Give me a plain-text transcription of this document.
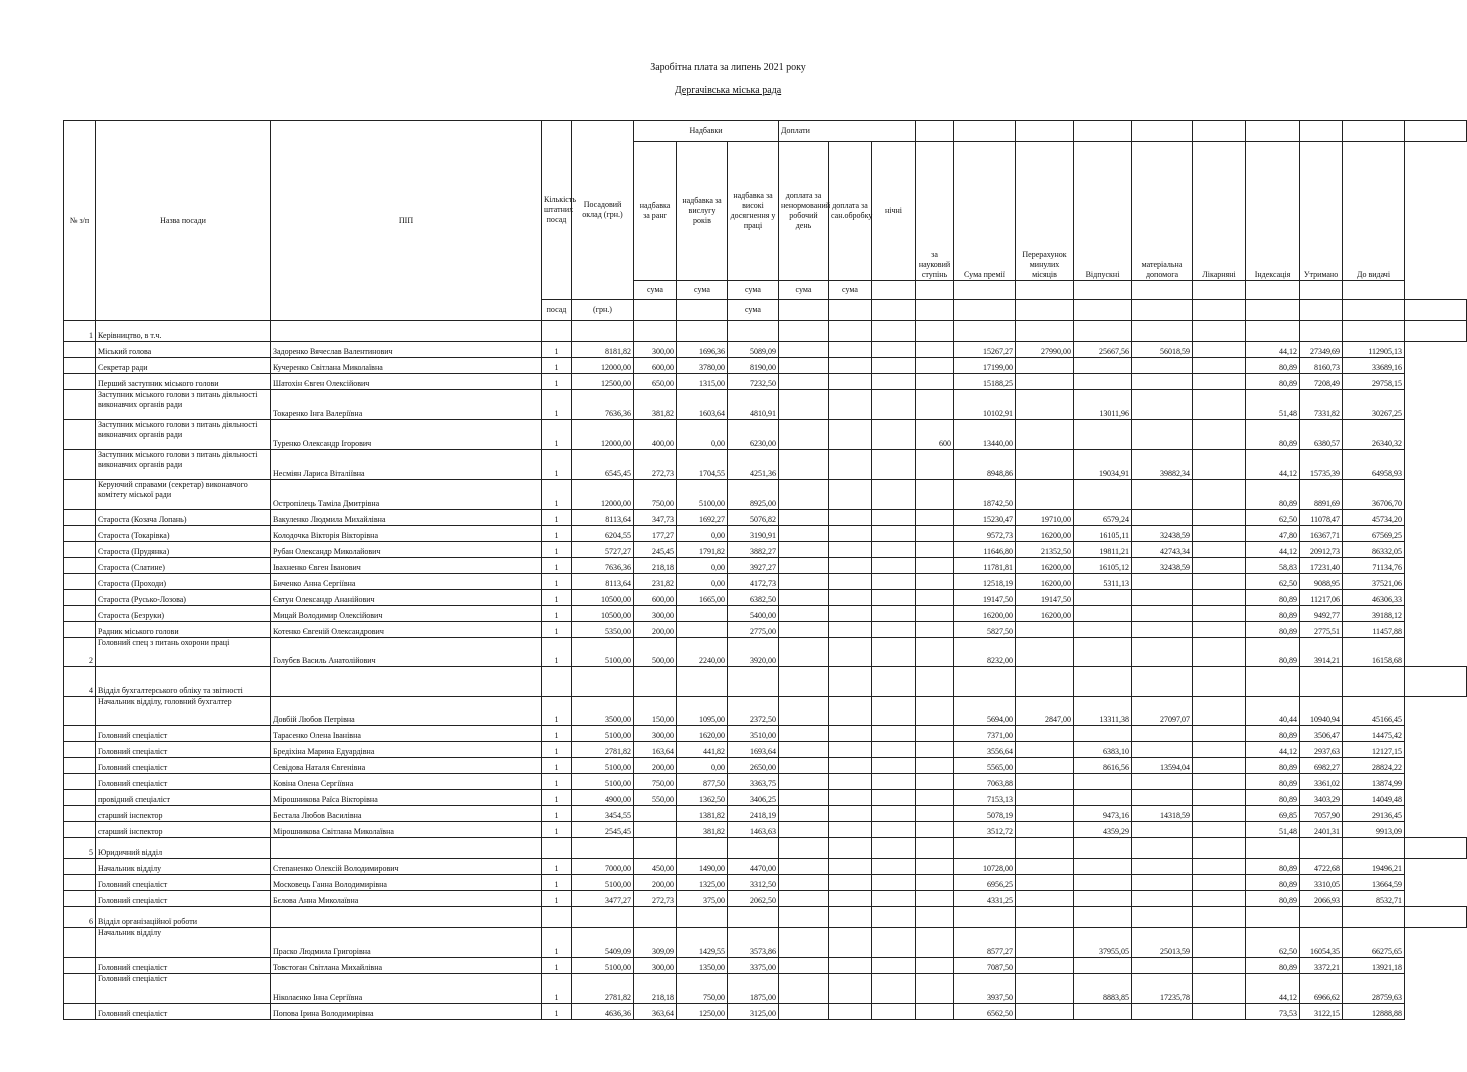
Заробітна плата за липень 2021 року
Дергачівська міська рада
№ з/п	Назва посади	ПІП	Кількість штатних посад	Посадовий оклад (грн.)	Надбавки			Доплати												
					надбавка за ранг	надбавка за вислугу років	надбавка за високі досягнення у праці	доплата за ненормований робочий день	доплата за сан.обробку	нічні	за науковий ступінь	Сума премії	Перерахунок минулих місяців	Відпускні	матеріальна допомога	Лікарняні	Індексація	Утримано	До видачі	
					сума	сума	сума	сума	сума											
			посад	(грн.)			сума													
1	Керівництво, в т.ч.																			
	Міський голова	Задоренко Вячеслав Валентинович	1	8181,82	300,00	1696,36	5089,09					15267,27	27990,00	25667,56	56018,59		44,12	27349,69	112905,13	
	Секретар ради	Кучеренко Світлана Миколаївна	1	12000,00	600,00	3780,00	8190,00					17199,00					80,89	8160,73	33689,16	
	Перший заступник міського голови	Шатохін Євген Олексійович	1	12500,00	650,00	1315,00	7232,50					15188,25					80,89	7208,49	29758,15	
	Заступник міського голови з питань діяльності виконавчих органів ради	Токаренко Інга Валеріївна	1	7636,36	381,82	1603,64	4810,91					10102,91		13011,96			51,48	7331,82	30267,25	
	Заступник міського голови з питань діяльності виконавчих органів ради	Туренко Олександр Ігорович	1	12000,00	400,00	0,00	6230,00				600	13440,00					80,89	6380,57	26340,32	
	Заступник міського голови з питань діяльності виконавчих органів ради	Несміян Лариса Віталіївна	1	6545,45	272,73	1704,55	4251,36					8948,86		19034,91	39882,34		44,12	15735,39	64958,93	
	Керуючий справами (секретар) виконавчого комітету міської ради	Остропілець Таміла Дмитрівна	1	12000,00	750,00	5100,00	8925,00					18742,50					80,89	8891,69	36706,70	
	Староста (Козача Лопань)	Вакуленко Людмила Михайлівна	1	8113,64	347,73	1692,27	5076,82					15230,47	19710,00	6579,24			62,50	11078,47	45734,20	
	Староста (Токарівка)	Колодочка Вікторія Вікторівна	1	6204,55	177,27	0,00	3190,91					9572,73	16200,00	16105,11	32438,59		47,80	16367,71	67569,25	
	Староста (Прудянка)	Рубан Олександр Миколайович	1	5727,27	245,45	1791,82	3882,27					11646,80	21352,50	19811,21	42743,34		44,12	20912,73	86332,05	
	Староста (Слатине)	Івахненко Євген Іванович	1	7636,36	218,18	0,00	3927,27					11781,81	16200,00	16105,12	32438,59		58,83	17231,40	71134,76	
	Староста (Проходи)	Биченко Анна Сергіївна	1	8113,64	231,82	0,00	4172,73					12518,19	16200,00	5311,13			62,50	9088,95	37521,06	
	Староста (Русько-Лозова)	Євтун Олександр Ананійович	1	10500,00	600,00	1665,00	6382,50					19147,50	19147,50				80,89	11217,06	46306,33	
	Староста (Безруки)	Мицай Володимир Олексійович	1	10500,00	300,00		5400,00					16200,00	16200,00				80,89	9492,77	39188,12	
	Радник міського голови	Котенко Євгеній Олександрович	1	5350,00	200,00		2775,00					5827,50					80,89	2775,51	11457,88	
2	Головний спец з питань охорони праці	Голубєв Василь Анатолійович	1	5100,00	500,00	2240,00	3920,00					8232,00					80,89	3914,21	16158,68	
4	Відділ бухгалтерського обліку та звітності																			
	Начальник відділу, головний бухгалтер	Довбій Любов Петрівна	1	3500,00	150,00	1095,00	2372,50					5694,00	2847,00	13311,38	27097,07		40,44	10940,94	45166,45	
	Головний спеціаліст	Тарасенко Олена Іванівна	1	5100,00	300,00	1620,00	3510,00					7371,00					80,89	3506,47	14475,42	
	Головний спеціаліст	Бредіхіна Марина Едуардівна	1	2781,82	163,64	441,82	1693,64					3556,64		6383,10			44,12	2937,63	12127,15	
	Головний спеціаліст	Севідова Наталя Євгенівна	1	5100,00	200,00	0,00	2650,00					5565,00		8616,56	13594,04		80,89	6982,27	28824,22	
	Головний спеціаліст	Ковіна Олена Сергіївна	1	5100,00	750,00	877,50	3363,75					7063,88					80,89	3361,02	13874,99	
	провідний спеціаліст	Мірошникова Раїса Вікторівна	1	4900,00	550,00	1362,50	3406,25					7153,13					80,89	3403,29	14049,48	
	старший інспектор	Бестала Любов Василівна	1	3454,55		1381,82	2418,19					5078,19		9473,16	14318,59		69,85	7057,90	29136,45	
	старший інспектор	Мірошникова Світлана Миколаївна	1	2545,45		381,82	1463,63					3512,72		4359,29			51,48	2401,31	9913,09	
5	Юридичний відділ																			
	Начальник відділу	Степаненко Олексій Володимирович	1	7000,00	450,00	1490,00	4470,00					10728,00					80,89	4722,68	19496,21	
	Головний спеціаліст	Московець Ганна Володимирівна	1	5100,00	200,00	1325,00	3312,50					6956,25					80,89	3310,05	13664,59	
	Головний спеціаліст	Бєлова Анна Миколаївна	1	3477,27	272,73	375,00	2062,50					4331,25					80,89	2066,93	8532,71	
6	Відділ організаційної роботи																			
	Начальник відділу	Праско Людмила Григорівна	1	5409,09	309,09	1429,55	3573,86					8577,27		37955,05	25013,59		62,50	16054,35	66275,65	
	Головний спеціаліст	Товстоган Світлана Михайлівна	1	5100,00	300,00	1350,00	3375,00					7087,50					80,89	3372,21	13921,18	
	Головний спеціаліст	Ніколаєнко Інна Сергіївна	1	2781,82	218,18	750,00	1875,00					3937,50		8883,85	17235,78		44,12	6966,62	28759,63	
	Головний спеціаліст	Попова Ірина Володимирівна	1	4636,36	363,64	1250,00	3125,00					6562,50					73,53	3122,15	12888,88	
